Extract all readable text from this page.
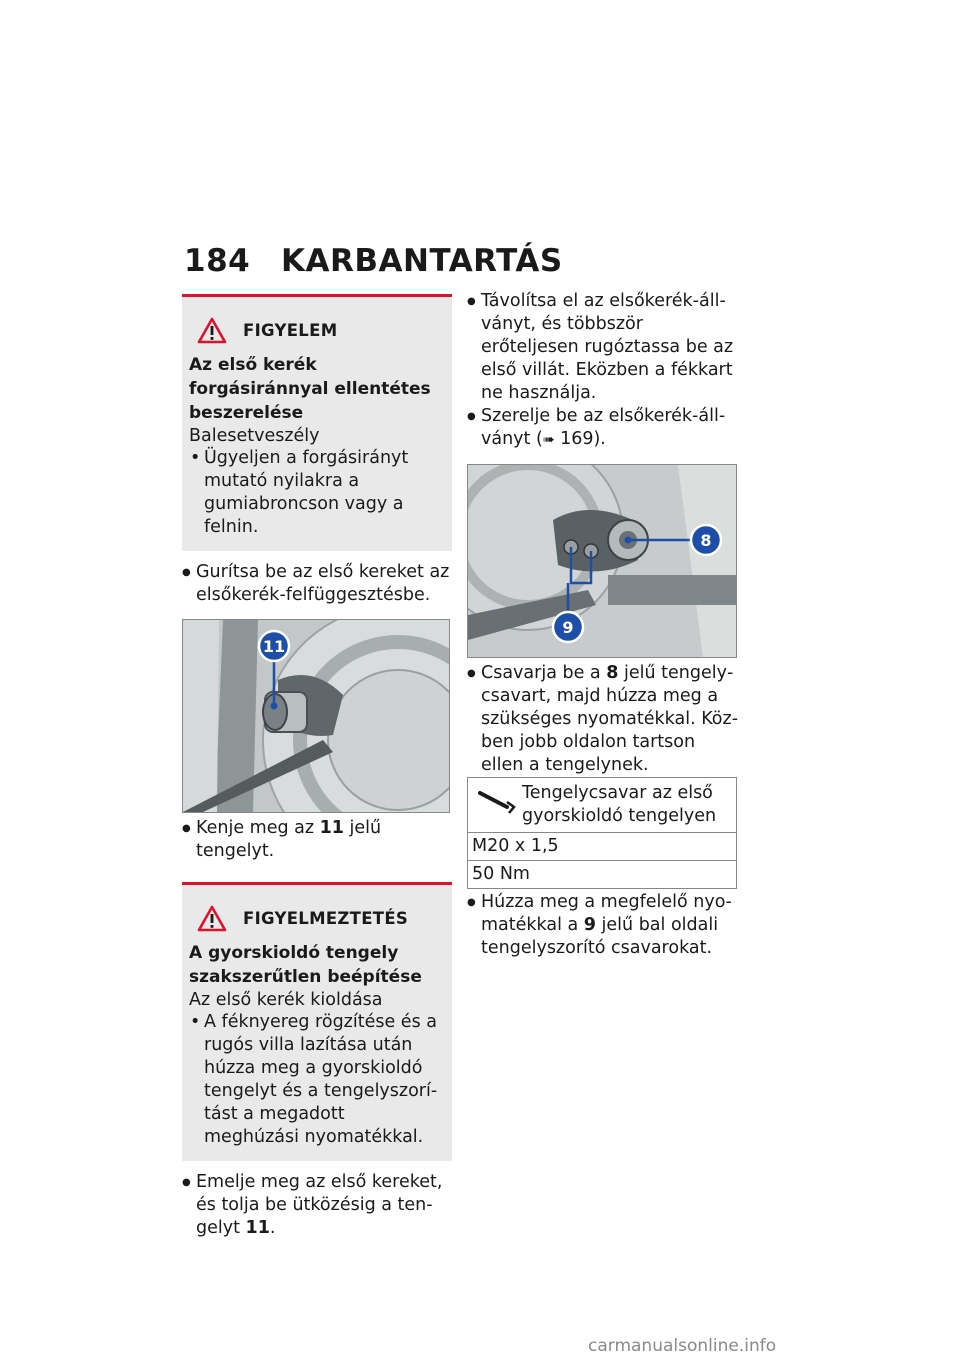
184 KARBANTARTÁS
FIGYELEM
Az első kerék forgásiránnyal ellentétes beszerelése
Balesetveszély
• Ügyeljen a forgásirányt mutató nyilakra a gumiabroncson vagy a felnin.

● Gurítsa be az első kereket az elsőkerék-felfüggesztésbe.

11

● Kenje meg az 11 jelű tengelyt.

FIGYELMEZTETÉS
A gyorskioldó tengely szakszerűtlen beépítése
Az első kerék kioldása
• A féknyereg rögzítése és a rugós villa lazítása után húzza meg a gyorskioldó tengelyt és a tengelyszorítást a megadott meghúzási nyomatékkal.

● Emelje meg az első kereket, és tolja be ütközésig a tengelyt 11.

● Távolítsa el az elsőkerék-állványt, és többször erőteljesen rugóztassa be az első villát. Eközben a fékkart ne használja.

● Szerelje be az elsőkerék-állványt (➠ 169).

8
9

● Csavarja be a 8 jelű tengelycsavart, majd húzza meg a szükséges nyomatékkal. Közben jobb oldalon tartson ellen a tengelynek.

Tengelycsavar az első gyorskioldó tengelyen

M20 x 1,5
50 Nm

● Húzza meg a megfelelő nyomatékkal a 9 jelű bal oldali tengelyszorító csavarokat.

carmanualsonline.info
